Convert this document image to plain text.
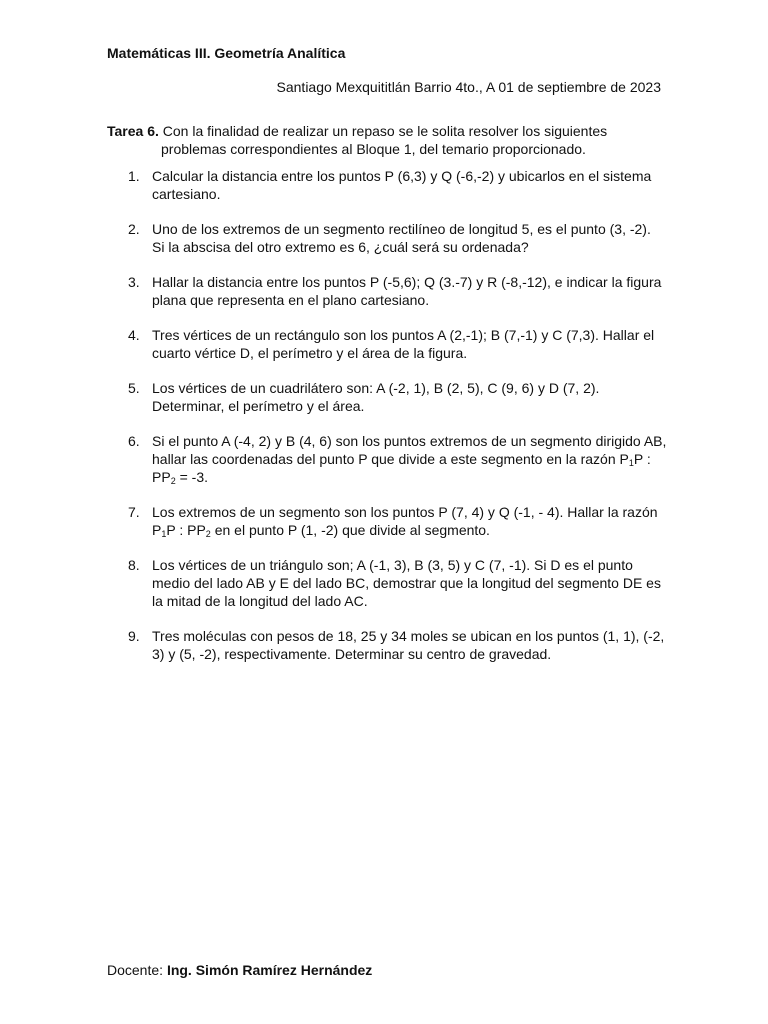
Matemáticas III. Geometría Analítica
Santiago Mexquititlán Barrio 4to., A 01 de septiembre de 2023
Tarea 6. Con la finalidad de realizar un repaso se le solita resolver los siguientes problemas correspondientes al Bloque 1, del temario proporcionado.
1. Calcular la distancia entre los puntos P (6,3) y Q (-6,-2) y ubicarlos en el sistema cartesiano.
2. Uno de los extremos de un segmento rectilíneo de longitud 5, es el punto (3, -2). Si la abscisa del otro extremo es 6, ¿cuál será su ordenada?
3. Hallar la distancia entre los puntos P (-5,6); Q (3.-7) y R (-8,-12), e indicar la figura plana que representa en el plano cartesiano.
4. Tres vértices de un rectángulo son los puntos A (2,-1); B (7,-1) y C (7,3). Hallar el cuarto vértice D, el perímetro y el área de la figura.
5. Los vértices de un cuadrilátero son: A (-2, 1), B (2, 5), C (9, 6) y D (7, 2). Determinar, el perímetro y el área.
6. Si el punto A (-4, 2) y B (4, 6) son los puntos extremos de un segmento dirigido AB, hallar las coordenadas del punto P que divide a este segmento en la razón $P_1P$ : $PP_2 = -3$.
7. Los extremos de un segmento son los puntos P (7, 4) y Q (-1, - 4). Hallar la razón $P_1P$ : $PP_2$ en el punto P (1, -2) que divide al segmento.
8. Los vértices de un triángulo son; A (-1, 3), B (3, 5) y C (7, -1). Si D es el punto medio del lado AB y E del lado BC, demostrar que la longitud del segmento DE es la mitad de la longitud del lado AC.
9. Tres moléculas con pesos de 18, 25 y 34 moles se ubican en los puntos (1, 1), (-2, 3) y (5, -2), respectivamente. Determinar su centro de gravedad.
Docente: Ing. Simón Ramírez Hernández
